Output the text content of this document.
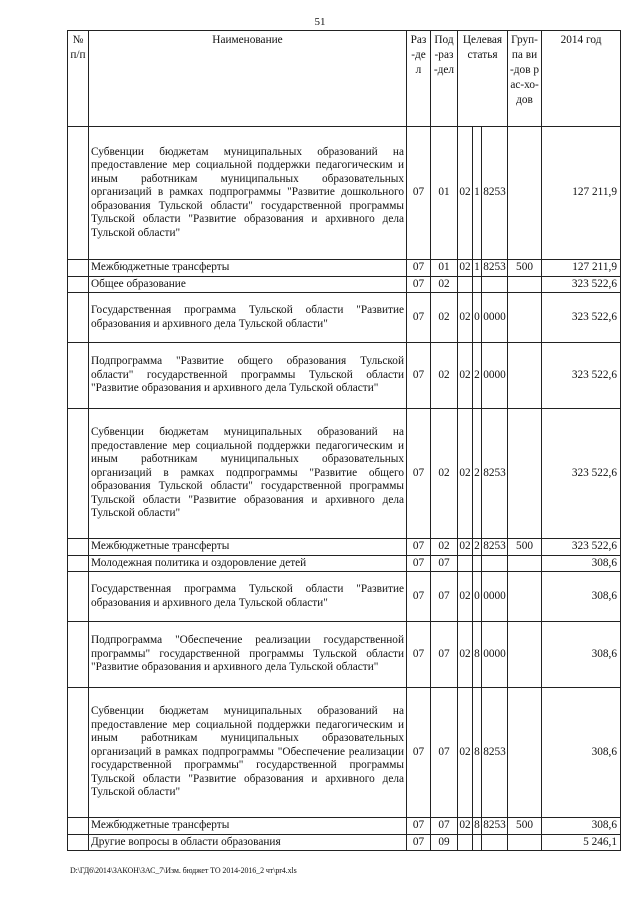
51
№ п/п	Наименование	Раз-дел	Под-раз-дел	Целевая статья			Груп-па ви-дов рас-хо-дов	2014 год
	Субвенции бюджетам муниципальных образований на предоставление мер социальной поддержки педагогическим и иным работникам муниципальных образовательных организаций в рамках подпрограммы "Развитие дошкольного образования Тульской области" государственной программы Тульской области "Развитие образования и архивного дела Тульской области"	07	01	02	1	8253		127 211,9
	Межбюджетные трансферты	07	01	02	1	8253	500	127 211,9
	Общее образование	07	02					323 522,6
	Государственная программа Тульской области "Развитие образования и архивного дела Тульской области"	07	02	02	0	0000		323 522,6
	Подпрограмма "Развитие общего образования Тульской области" государственной программы Тульской области "Развитие образования и архивного дела Тульской области"	07	02	02	2	0000		323 522,6
	Субвенции бюджетам муниципальных образований на предоставление мер социальной поддержки педагогическим и иным работникам муниципальных образовательных организаций в рамках подпрограммы "Развитие общего образования Тульской области" государственной программы Тульской области "Развитие образования и архивного дела Тульской области"	07	02	02	2	8253		323 522,6
	Межбюджетные трансферты	07	02	02	2	8253	500	323 522,6
	Молодежная политика и оздоровление детей	07	07					308,6
	Государственная программа Тульской области "Развитие образования и архивного дела Тульской области"	07	07	02	0	0000		308,6
	Подпрограмма "Обеспечение реализации государственной программы" государственной программы Тульской области "Развитие образования и архивного дела Тульской области"	07	07	02	8	0000		308,6
	Субвенции бюджетам муниципальных образований на предоставление мер социальной поддержки педагогическим и иным работникам муниципальных образовательных организаций в рамках подпрограммы "Обеспечение реализации государственной программы" государственной программы Тульской области "Развитие образования и архивного дела Тульской области"	07	07	02	8	8253		308,6
	Межбюджетные трансферты	07	07	02	8	8253	500	308,6
	Другие вопросы в области образования	07	09					5 246,1
D:\ГД6\2014\ЗАКОН\ЗАС_7\Изм. бюджет ТО 2014-2016_2 чт\pr4.xls
